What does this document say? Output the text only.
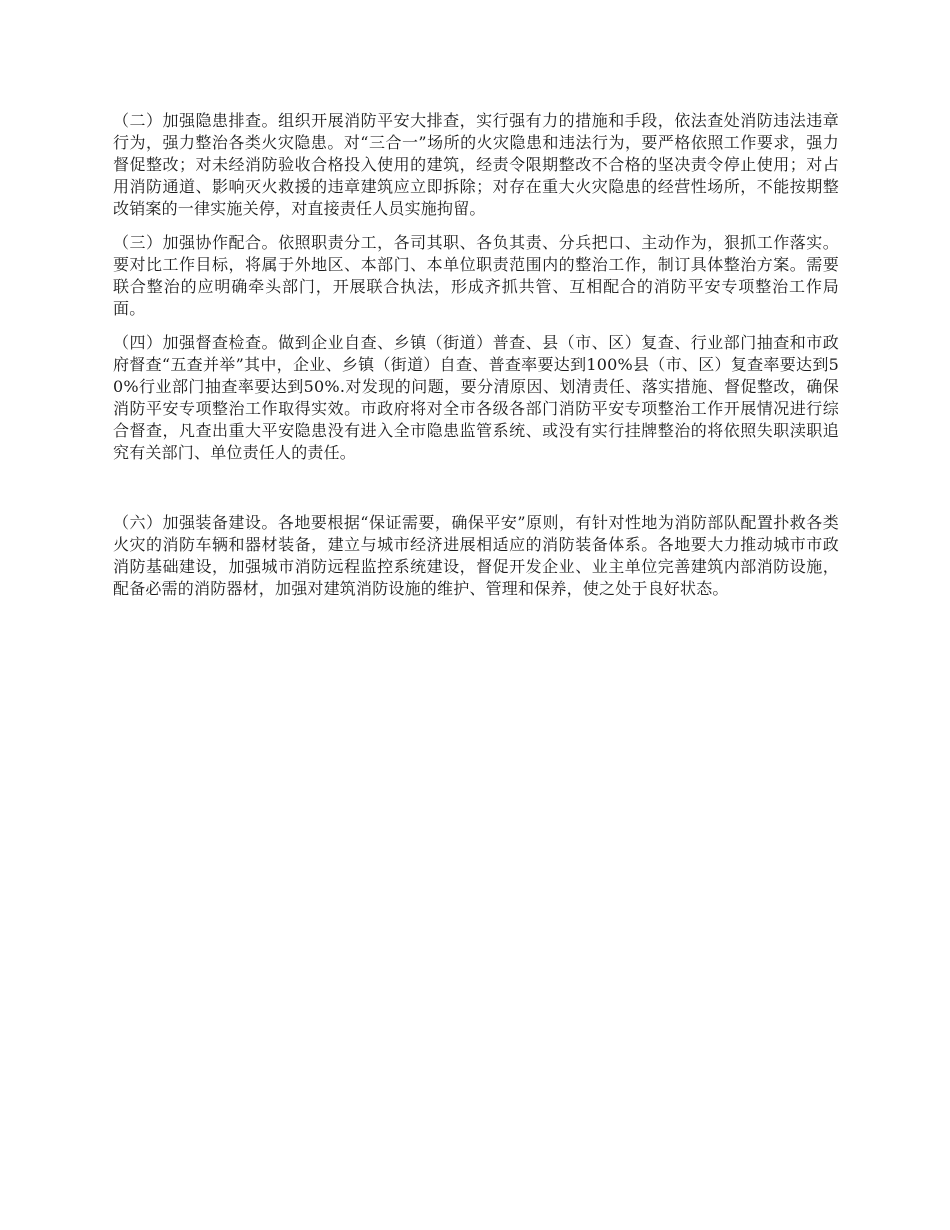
（二）加强隐患排查。组织开展消防平安大排查，实行强有力的措施和手段，依法查处消防违法违章行为，强力整治各类火灾隐患。对“三合一”场所的火灾隐患和违法行为，要严格依照工作要求，强力督促整改；对未经消防验收合格投入使用的建筑，经责令限期整改不合格的坚决责令停止使用；对占用消防通道、影响灭火救援的违章建筑应立即拆除；对存在重大火灾隐患的经营性场所，不能按期整改销案的一律实施关停，对直接责任人员实施拘留。

（三）加强协作配合。依照职责分工，各司其职、各负其责、分兵把口、主动作为，狠抓工作落实。要对比工作目标，将属于外地区、本部门、本单位职责范围内的整治工作，制订具体整治方案。需要联合整治的应明确牵头部门，开展联合执法，形成齐抓共管、互相配合的消防平安专项整治工作局面。

（四）加强督查检查。做到企业自查、乡镇（街道）普查、县（市、区）复查、行业部门抽查和市政府督查“五查并举”其中，企业、乡镇（街道）自查、普查率要达到100%县（市、区）复查率要达到50%行业部门抽查率要达到50%.对发现的问题，要分清原因、划清责任、落实措施、督促整改，确保消防平安专项整治工作取得实效。市政府将对全市各级各部门消防平安专项整治工作开展情况进行综合督查，凡查出重大平安隐患没有进入全市隐患监管系统、或没有实行挂牌整治的将依照失职渎职追究有关部门、单位责任人的责任。

（六）加强装备建设。各地要根据“保证需要，确保平安”原则，有针对性地为消防部队配置扑救各类火灾的消防车辆和器材装备，建立与城市经济进展相适应的消防装备体系。各地要大力推动城市市政消防基础建设，加强城市消防远程监控系统建设，督促开发企业、业主单位完善建筑内部消防设施，配备必需的消防器材，加强对建筑消防设施的维护、管理和保养，使之处于良好状态。
